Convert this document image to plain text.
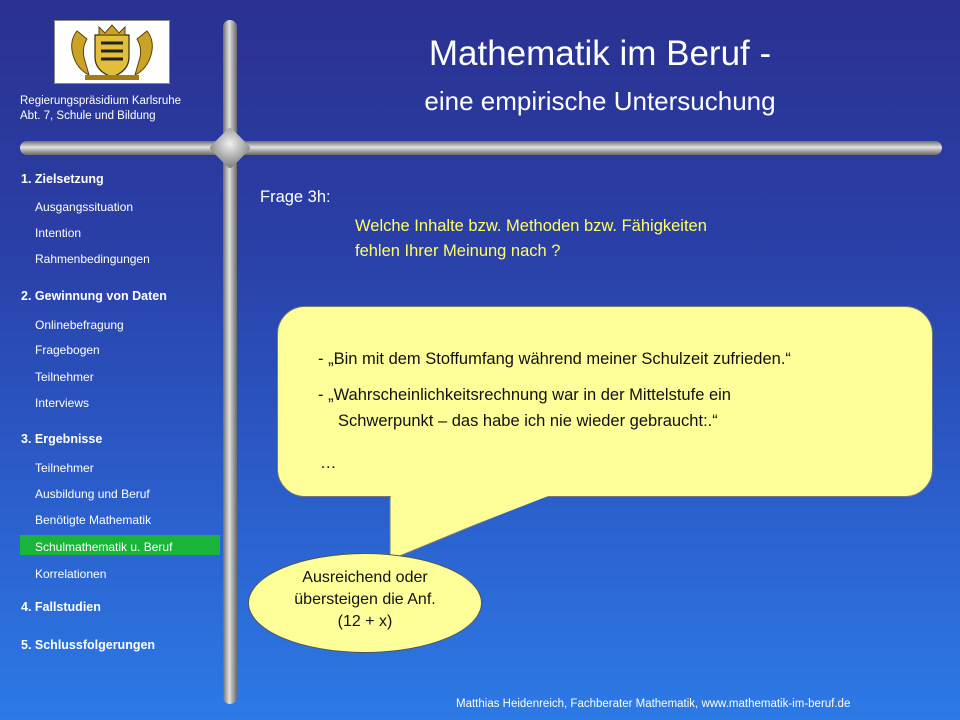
Regierungspräsidium Karlsruhe
Abt. 7, Schule und Bildung
Mathematik im Beruf -
eine empirische Untersuchung
1. Zielsetzung
Ausgangssituation
Intention
Rahmenbedingungen
2. Gewinnung von Daten
Onlinebefragung
Fragebogen
Teilnehmer
Interviews
3. Ergebnisse
Teilnehmer
Ausbildung und Beruf
Benötigte Mathematik
Schulmathematik u. Beruf
Korrelationen
4. Fallstudien
5. Schlussfolgerungen
Frage 3h:
Welche Inhalte bzw. Methoden bzw. Fähigkeiten
fehlen Ihrer Meinung nach ?
- „Bin mit dem Stoffumfang während meiner Schulzeit zufrieden.“
- „Wahrscheinlichkeitsrechnung war in der Mittelstufe ein
Schwerpunkt – das habe ich nie wieder gebraucht:.“
…
Ausreichend oder
übersteigen die Anf.
(12 + x)
Matthias Heidenreich, Fachberater Mathematik, www.mathematik-im-beruf.de
